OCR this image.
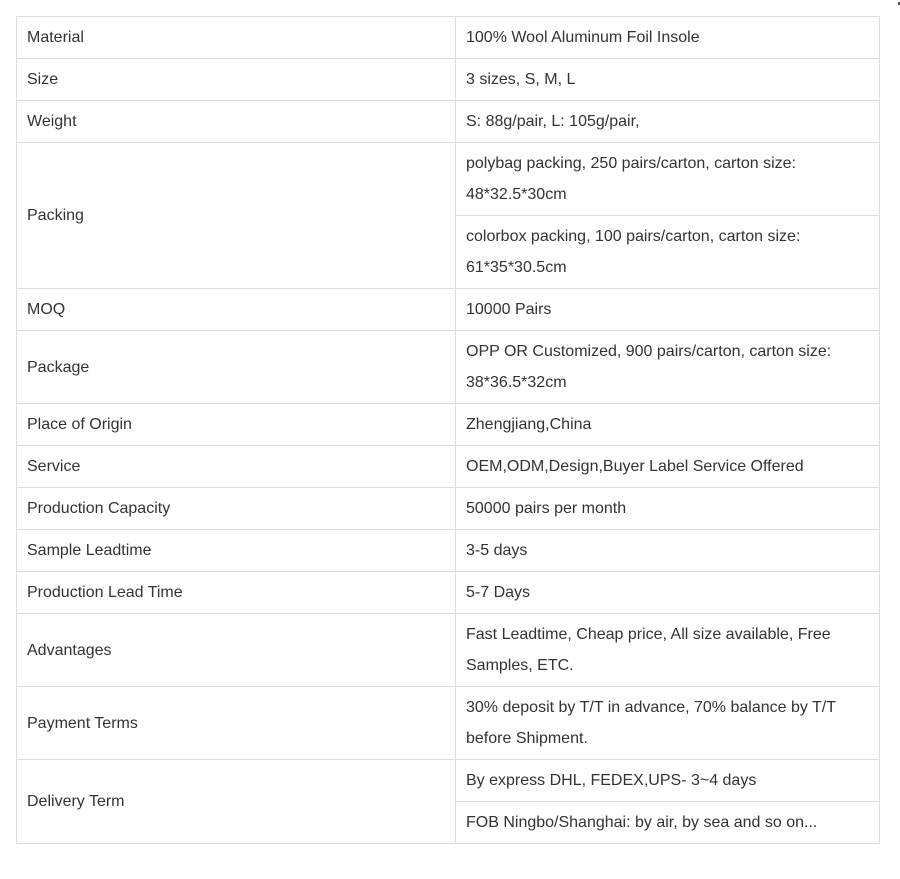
Material	100% Wool Aluminum Foil Insole
Size	3 sizes, S, M, L
Weight	S: 88g/pair, L: 105g/pair,
Packing	polybag packing, 250 pairs/carton, carton size: 48*32.5*30cm
	colorbox packing, 100 pairs/carton, carton size: 61*35*30.5cm
MOQ	10000 Pairs
Package	OPP OR Customized, 900 pairs/carton, carton size: 38*36.5*32cm
Place of Origin	Zhengjiang,China
Service	OEM,ODM,Design,Buyer Label Service Offered
Production Capacity	50000 pairs per month
Sample Leadtime	3-5 days
Production Lead Time	5-7 Days
Advantages	Fast Leadtime, Cheap price, All size available, Free Samples, ETC.
Payment Terms	30% deposit by T/T in advance, 70% balance by T/T before Shipment.
Delivery Term	By express DHL, FEDEX,UPS- 3~4 days
	FOB Ningbo/Shanghai: by air, by sea and so on...
